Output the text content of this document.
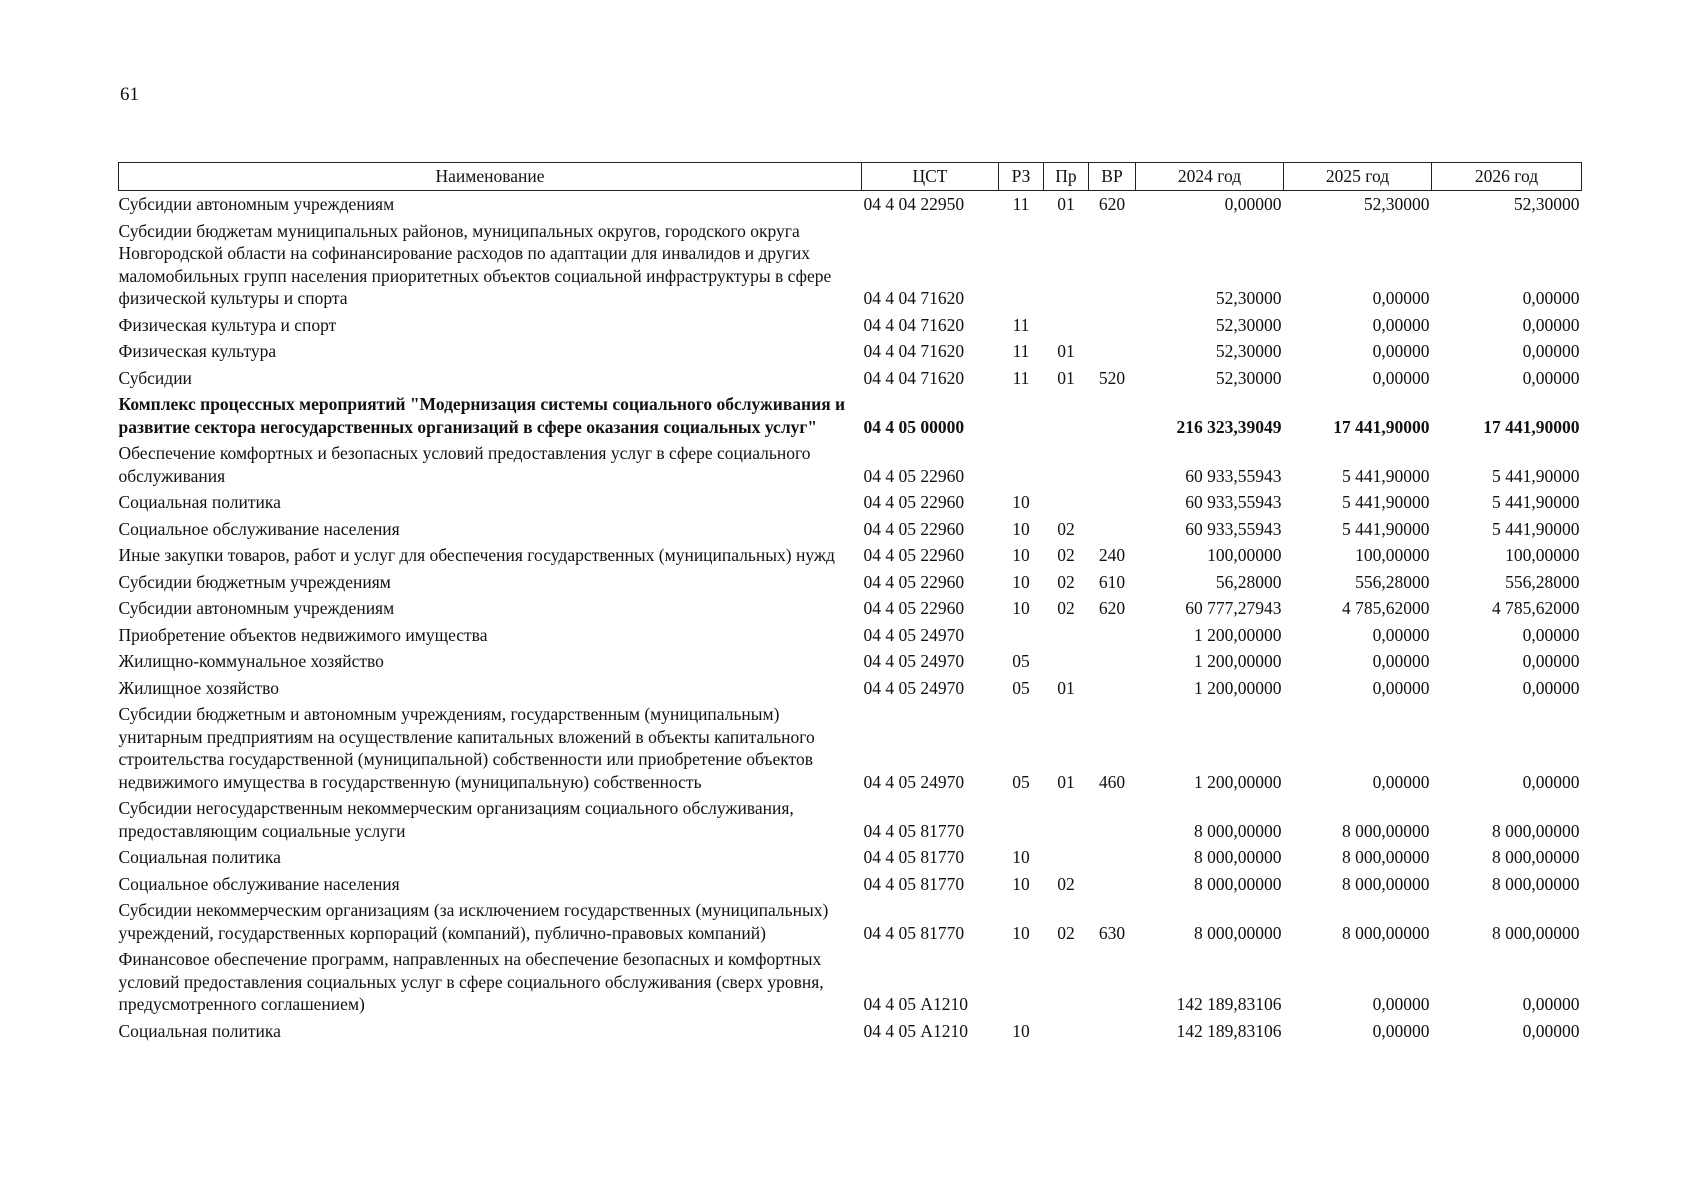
61
Наименование	ЦСТ	РЗ	Пр	ВР	2024 год	2025 год	2026 год
Субсидии автономным учреждениям	04 4 04 22950	11	01	620	0,00000	52,30000	52,30000
Субсидии бюджетам муниципальных районов, муниципальных округов, городского округа Новгородской области на софинансирование расходов по адаптации для инвалидов и других маломобильных групп населения приоритетных объектов социальной инфраструктуры в сфере физической культуры и спорта	04 4 04 71620				52,30000	0,00000	0,00000
Физическая культура и спорт	04 4 04 71620	11			52,30000	0,00000	0,00000
Физическая культура	04 4 04 71620	11	01		52,30000	0,00000	0,00000
Субсидии	04 4 04 71620	11	01	520	52,30000	0,00000	0,00000
Комплекс процессных мероприятий "Модернизация системы социального обслуживания и развитие сектора негосударственных организаций в сфере оказания социальных услуг"	04 4 05 00000				216 323,39049	17 441,90000	17 441,90000
Обеспечение комфортных и безопасных условий предоставления услуг в сфере социального обслуживания	04 4 05 22960				60 933,55943	5 441,90000	5 441,90000
Социальная политика	04 4 05 22960	10			60 933,55943	5 441,90000	5 441,90000
Социальное обслуживание населения	04 4 05 22960	10	02		60 933,55943	5 441,90000	5 441,90000
Иные закупки товаров, работ и услуг для обеспечения государственных (муниципальных) нужд	04 4 05 22960	10	02	240	100,00000	100,00000	100,00000
Субсидии бюджетным учреждениям	04 4 05 22960	10	02	610	56,28000	556,28000	556,28000
Субсидии автономным учреждениям	04 4 05 22960	10	02	620	60 777,27943	4 785,62000	4 785,62000
Приобретение объектов недвижимого имущества	04 4 05 24970				1 200,00000	0,00000	0,00000
Жилищно-коммунальное хозяйство	04 4 05 24970	05			1 200,00000	0,00000	0,00000
Жилищное хозяйство	04 4 05 24970	05	01		1 200,00000	0,00000	0,00000
Субсидии бюджетным и автономным учреждениям, государственным (муниципальным) унитарным предприятиям на осуществление капитальных вложений в объекты капитального строительства государственной (муниципальной) собственности или приобретение объектов недвижимого имущества в государственную (муниципальную) собственность	04 4 05 24970	05	01	460	1 200,00000	0,00000	0,00000
Субсидии негосударственным некоммерческим организациям социального обслуживания, предоставляющим социальные услуги	04 4 05 81770				8 000,00000	8 000,00000	8 000,00000
Социальная политика	04 4 05 81770	10			8 000,00000	8 000,00000	8 000,00000
Социальное обслуживание населения	04 4 05 81770	10	02		8 000,00000	8 000,00000	8 000,00000
Субсидии некоммерческим организациям (за исключением государственных (муниципальных) учреждений, государственных корпораций (компаний), публично-правовых компаний)	04 4 05 81770	10	02	630	8 000,00000	8 000,00000	8 000,00000
Финансовое обеспечение программ, направленных на обеспечение безопасных и комфортных условий предоставления социальных услуг в сфере социального обслуживания (сверх уровня, предусмотренного соглашением)	04 4 05 А1210				142 189,83106	0,00000	0,00000
Социальная политика	04 4 05 А1210	10			142 189,83106	0,00000	0,00000
